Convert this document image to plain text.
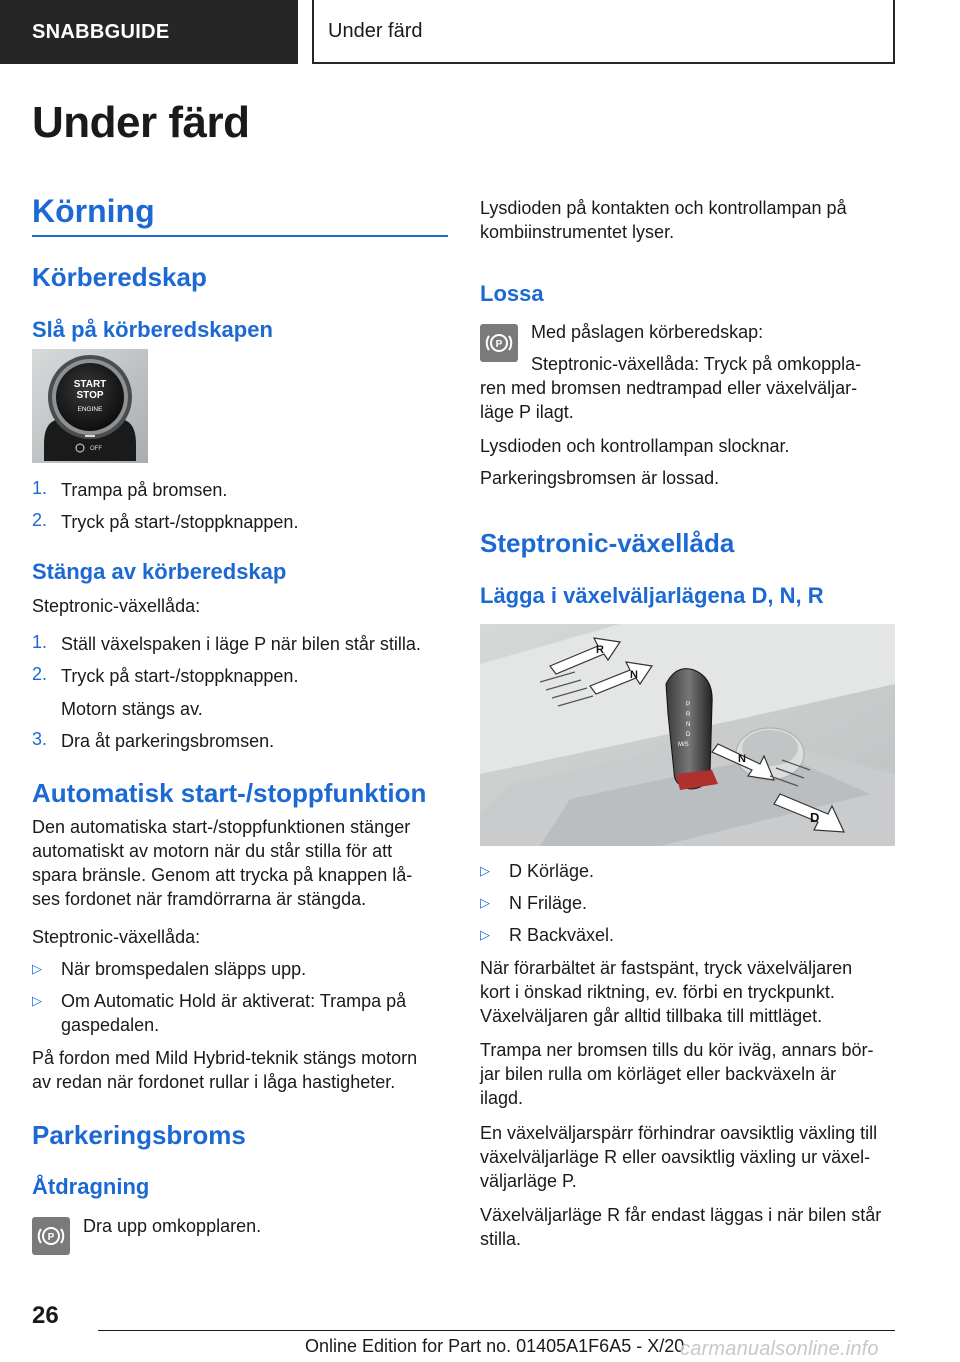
SNABBGUIDE	Under färd
Under färd
Körning
Körberedskap
Slå på körberedskapen
START
STOP
ENGINE
OFF
1. Trampa på bromsen.
2. Tryck på start-/stoppknappen.
Stänga av körberedskap
Steptronic-växellåda:
1. Ställ växelspaken i läge P när bilen står stilla.
2. Tryck på start-/stoppknappen.
Motorn stängs av.
3. Dra åt parkeringsbromsen.
Automatisk start-/stoppfunktion
Den automatiska start-/stoppfunktionen stänger
automatiskt av motorn när du står stilla för att
spara bränsle. Genom att trycka på knappen lå-
ses fordonet när framdörrarna är stängda.
Steptronic-växellåda:
▷ När bromspedalen släpps upp.
▷ Om Automatic Hold är aktiverat: Trampa på
gaspedalen.
På fordon med Mild Hybrid-teknik stängs motorn
av redan när fordonet rullar i låga hastigheter.
Parkeringsbroms
Åtdragning
P
Dra upp omkopplaren.
Lysdioden på kontakten och kontrollampan på
kombiinstrumentet lyser.
Lossa
P
Med påslagen körberedskap:
Steptronic-växellåda: Tryck på omkoppla-
ren med bromsen nedtrampad eller växelväljar-
läge P ilagt.
Lysdioden och kontrollampan slocknar.
Parkeringsbromsen är lossad.
Steptronic-växellåda
Lägga i växelväljarlägena D, N, R
R
N
P
R
N
D
M/S
N
D
▷ D Körläge.
▷ N Friläge.
▷ R Backväxel.
När förarbältet är fastspänt, tryck växelväljaren
kort i önskad riktning, ev. förbi en tryckpunkt.
Växelväljaren går alltid tillbaka till mittläget.
Trampa ner bromsen tills du kör iväg, annars bör-
jar bilen rulla om körläget eller backväxeln är
ilagd.
En växelväljarspärr förhindrar oavsiktlig växling till
växelväljarläge R eller oavsiktlig växling ur växel-
väljarläge P.
Växelväljarläge R får endast läggas i när bilen står
stilla.
26
Online Edition for Part no. 01405A1F6A5 - X/20
carmanualsonline.info
